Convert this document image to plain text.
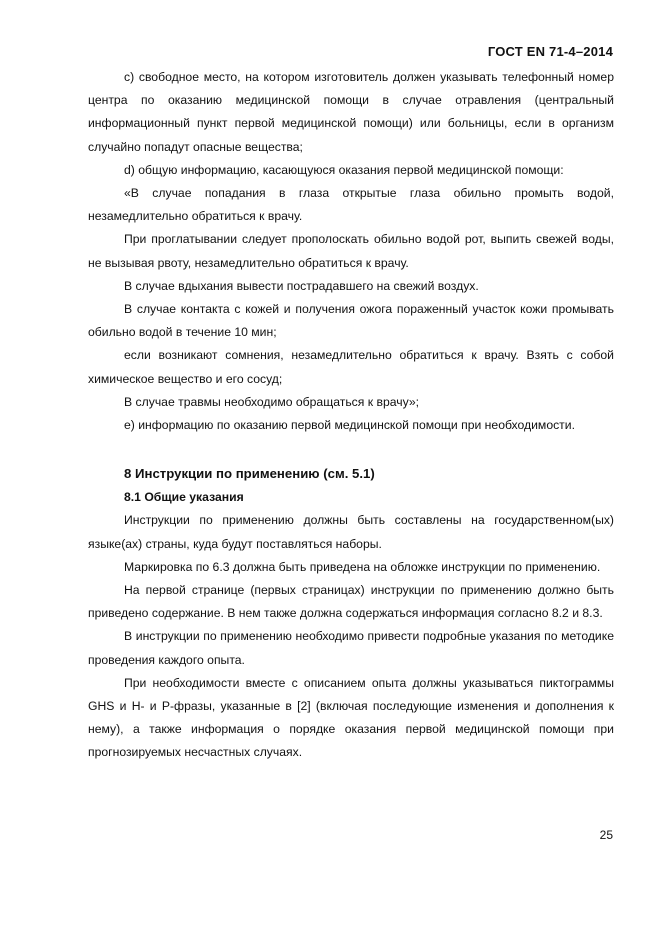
ГОСТ EN 71-4–2014

c) свободное место, на котором изготовитель должен указывать телефонный номер центра по оказанию медицинской помощи в случае отравления (центральный информационный пункт первой медицинской помощи) или больницы, если в организм случайно попадут опасные вещества;

d) общую информацию, касающуюся оказания первой медицинской помощи:

«В случае попадания в глаза открытые глаза обильно промыть водой, незамедлительно обратиться к врачу.

При проглатывании следует прополоскать обильно водой рот, выпить свежей воды, не вызывая рвоту, незамедлительно обратиться к врачу.

В случае вдыхания вывести пострадавшего на свежий воздух.

В случае контакта с кожей и получения ожога пораженный участок кожи промывать обильно водой в течение 10 мин;

если возникают сомнения, незамедлительно обратиться к врачу. Взять с собой химическое вещество и его сосуд;

В случае травмы необходимо обращаться к врачу»;

e) информацию по оказанию первой медицинской помощи при необходимости.

8 Инструкции по применению (см. 5.1)
8.1 Общие указания

Инструкции по применению должны быть составлены на государственном(ых) языке(ах) страны, куда будут поставляться наборы.

Маркировка по 6.3 должна быть приведена на обложке инструкции по применению.

На первой странице (первых страницах) инструкции по применению должно быть приведено содержание. В нем также должна содержаться информация согласно 8.2 и 8.3.

В инструкции по применению необходимо привести подробные указания по методике проведения каждого опыта.

При необходимости вместе с описанием опыта должны указываться пиктограммы GHS и H- и P-фразы, указанные в [2] (включая последующие изменения и дополнения к нему), а также информация о порядке оказания первой медицинской помощи при прогнозируемых несчастных случаях.

25
